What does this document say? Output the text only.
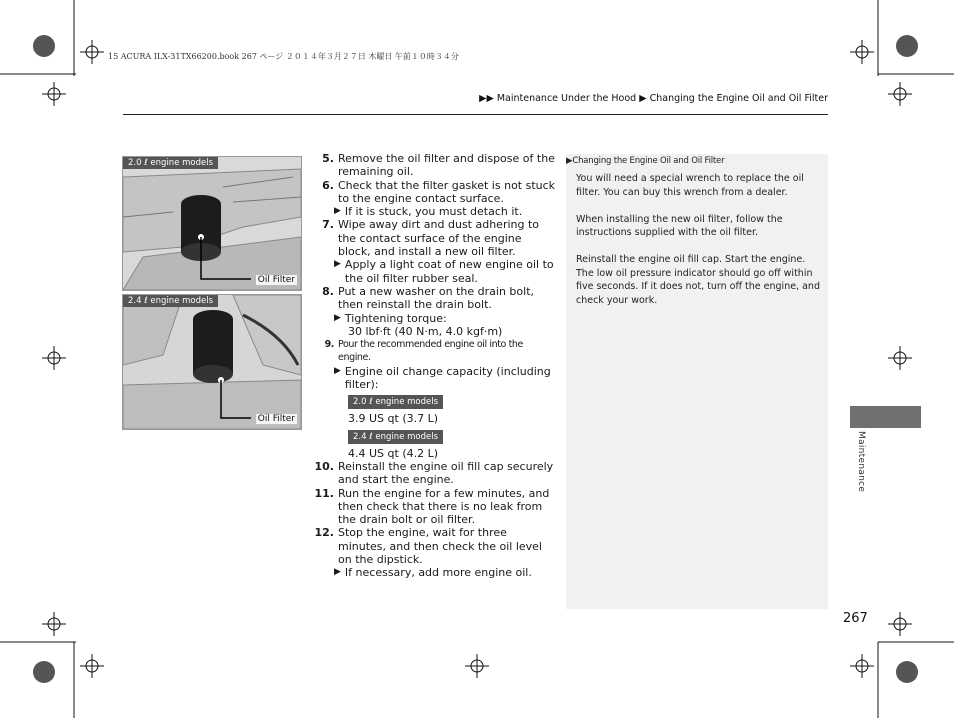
15 ACURA ILX-31TX66200.book 267 ページ ２０１４年３月２７日 木曜日 午前１０時３４分
▶▶ Maintenance Under the Hood ▶ Changing the Engine Oil and Oil Filter
2.0 ℓ engine models
Oil Filter
2.4 ℓ engine models
Oil Filter
5. Remove the oil filter and dispose of the remaining oil.
6. Check that the filter gasket is not stuck to the engine contact surface.
▶ If it is stuck, you must detach it.
7. Wipe away dirt and dust adhering to the contact surface of the engine block, and install a new oil filter.
▶ Apply a light coat of new engine oil to the oil filter rubber seal.
8. Put a new washer on the drain bolt, then reinstall the drain bolt.
▶ Tightening torque:
30 lbf·ft (40 N·m, 4.0 kgf·m)
9. Pour the recommended engine oil into the engine.
▶ Engine oil change capacity (including filter):
2.0 ℓ engine models
3.9 US qt (3.7 L)
2.4 ℓ engine models
4.4 US qt (4.2 L)
10. Reinstall the engine oil fill cap securely and start the engine.
11. Run the engine for a few minutes, and then check that there is no leak from the drain bolt or oil filter.
12. Stop the engine, wait for three minutes, and then check the oil level on the dipstick.
▶ If necessary, add more engine oil.
▶Changing the Engine Oil and Oil Filter

You will need a special wrench to replace the oil filter. You can buy this wrench from a dealer.

When installing the new oil filter, follow the instructions supplied with the oil filter.

Reinstall the engine oil fill cap. Start the engine. The low oil pressure indicator should go off within five seconds. If it does not, turn off the engine, and check your work.

Maintenance
267
